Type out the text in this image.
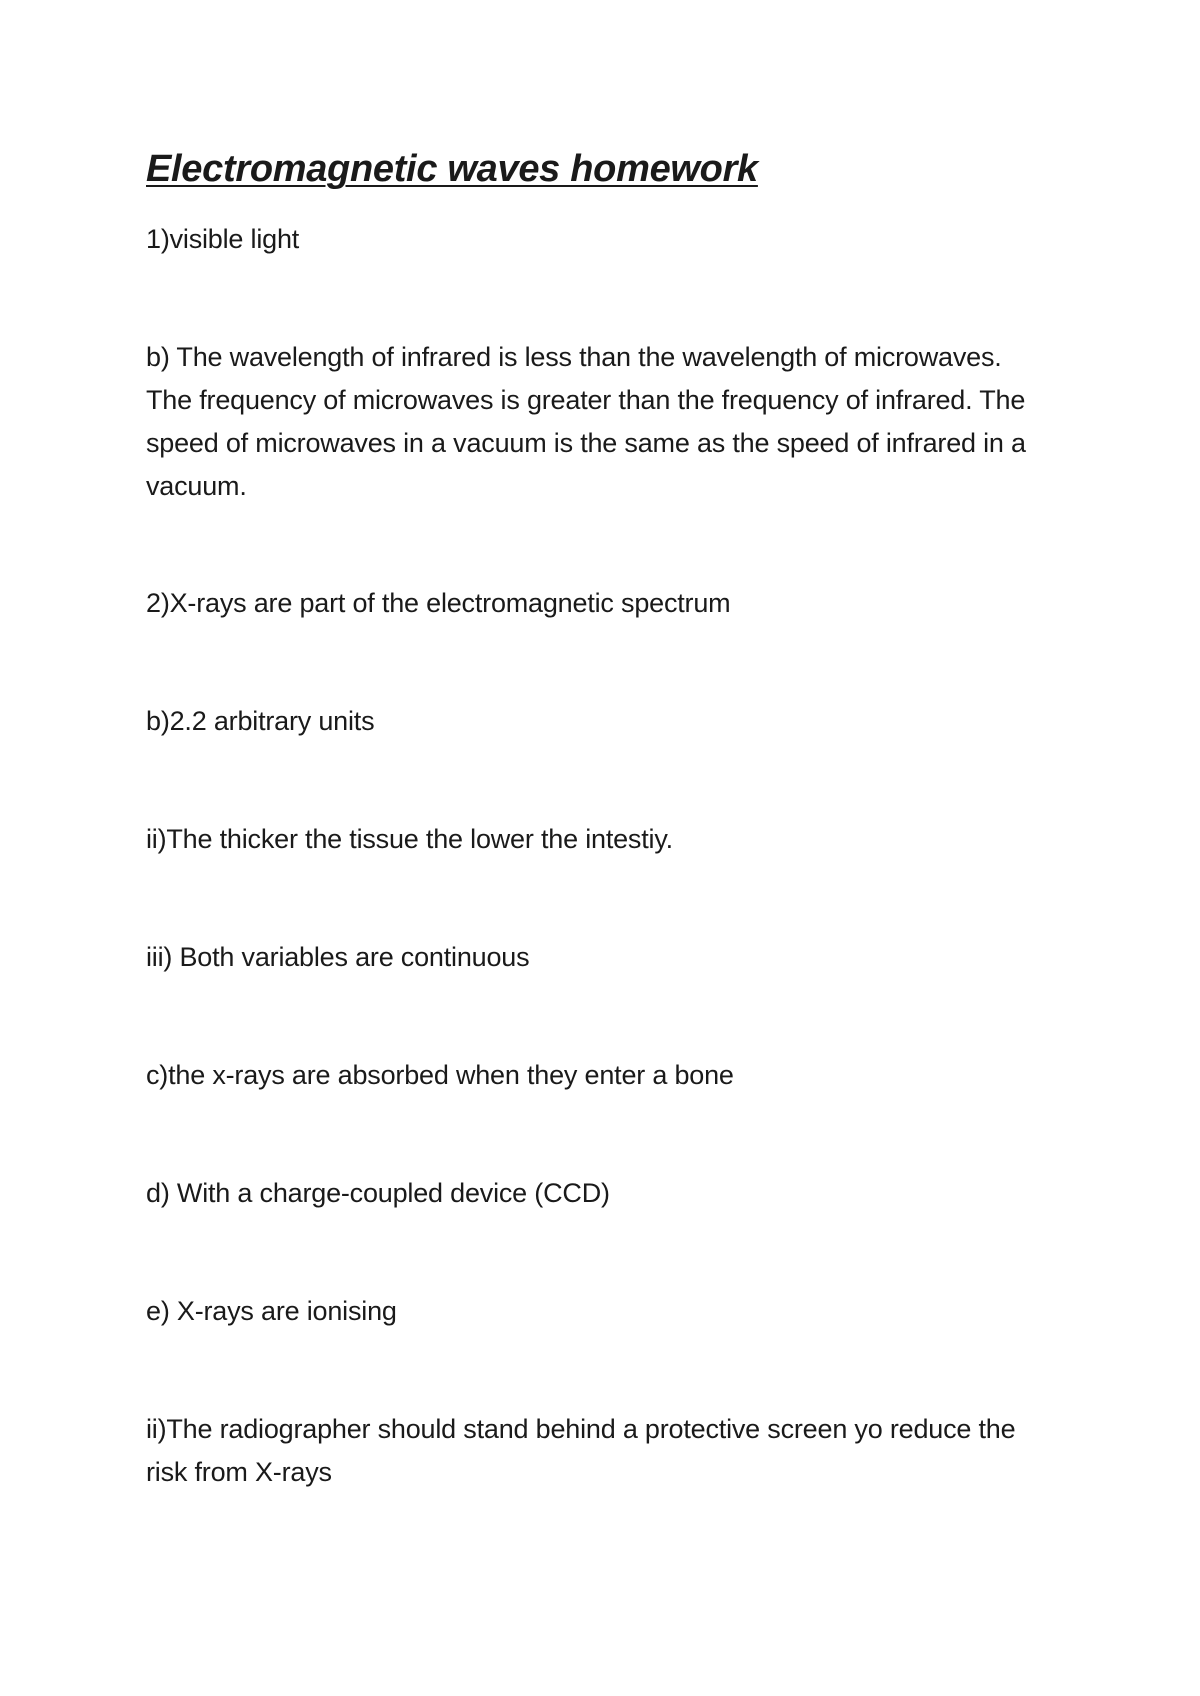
Electromagnetic waves homework

1)visible light

b) The wavelength of infrared is less than the wavelength of microwaves. The frequency of microwaves is greater than the frequency of infrared. The speed of microwaves in a vacuum is the same as the speed of infrared in a vacuum.

2)X-rays are part of the electromagnetic spectrum

b)2.2 arbitrary units

ii)The thicker the tissue the lower the intestiy.

iii) Both variables are continuous

c)the x-rays are absorbed when they enter a bone

d) With a charge-coupled device (CCD)

e) X-rays are ionising

ii)The radiographer should stand behind a protective screen yo reduce the risk from X-rays
